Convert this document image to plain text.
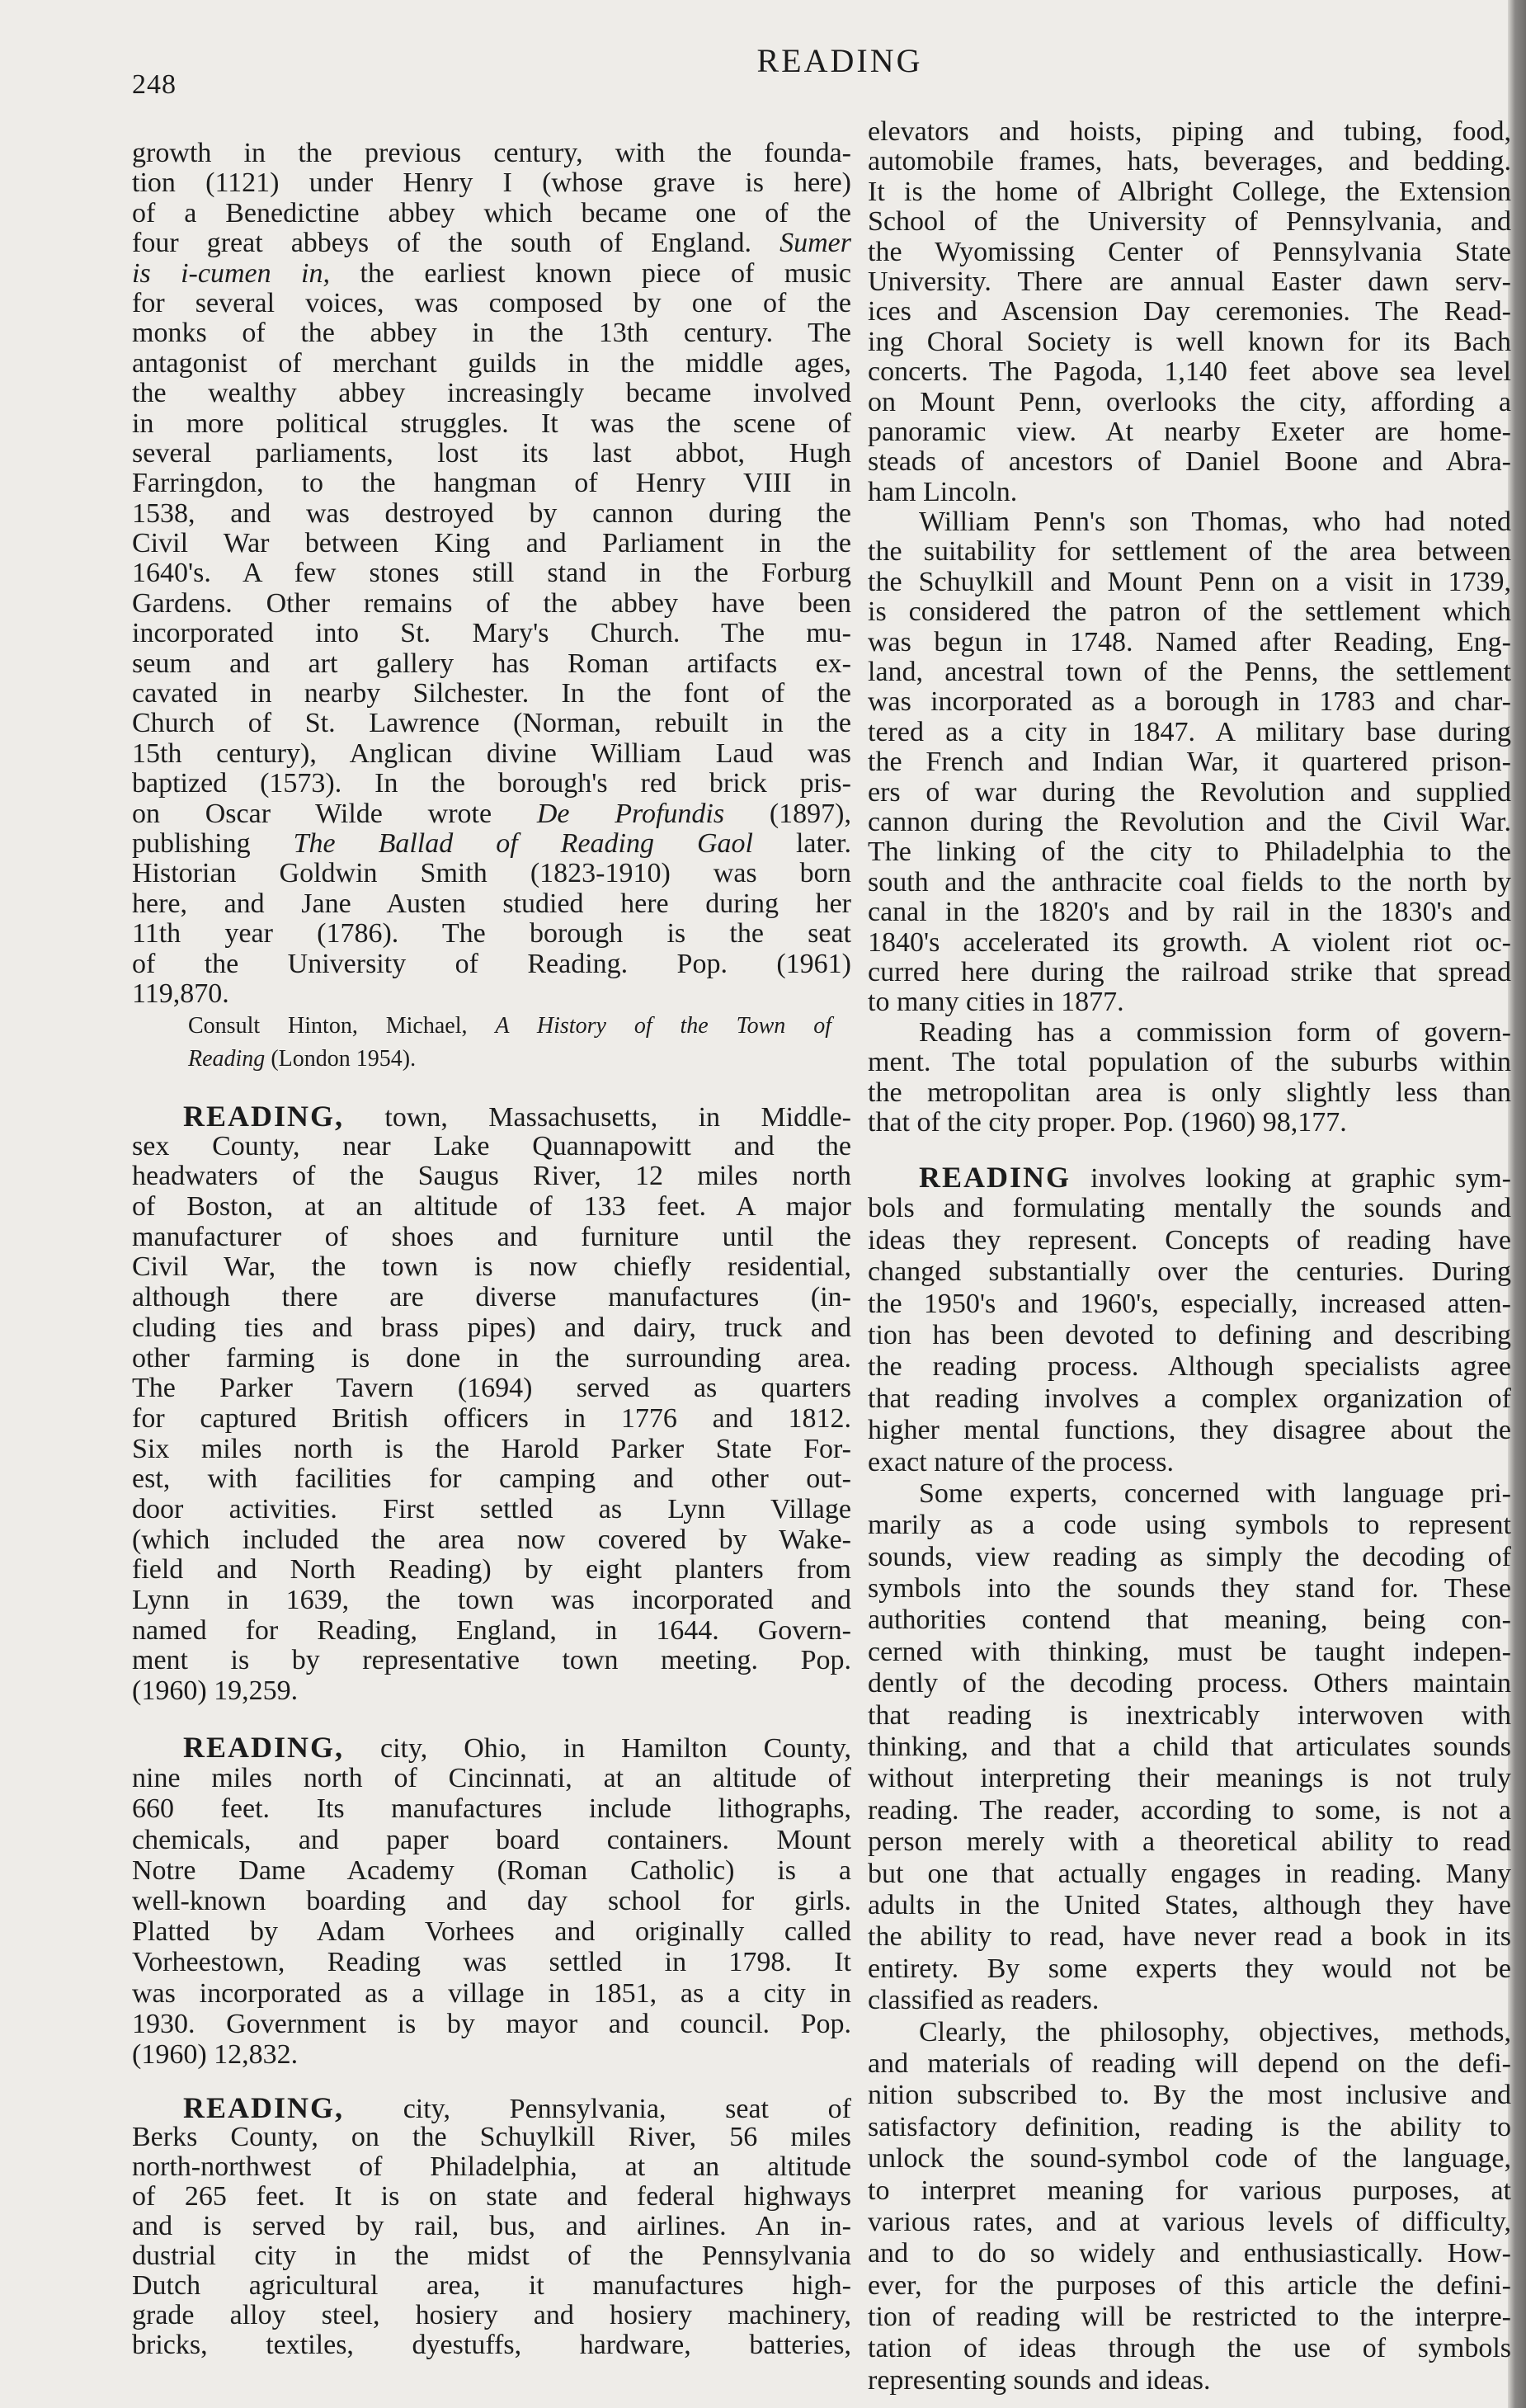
248
READING
growth in the previous century, with the founda-
tion (1121) under Henry I (whose grave is here)
of a Benedictine abbey which became one of the
four great abbeys of the south of England. Sumer
is i-cumen in, the earliest known piece of music
for several voices, was composed by one of the
monks of the abbey in the 13th century. The
antagonist of merchant guilds in the middle ages,
the wealthy abbey increasingly became involved
in more political struggles. It was the scene of
several parliaments, lost its last abbot, Hugh
Farringdon, to the hangman of Henry VIII in
1538, and was destroyed by cannon during the
Civil War between King and Parliament in the
1640's. A few stones still stand in the Forburg
Gardens. Other remains of the abbey have been
incorporated into St. Mary's Church. The mu-
seum and art gallery has Roman artifacts ex-
cavated in nearby Silchester. In the font of the
Church of St. Lawrence (Norman, rebuilt in the
15th century), Anglican divine William Laud was
baptized (1573). In the borough's red brick pris-
on Oscar Wilde wrote De Profundis (1897),
publishing The Ballad of Reading Gaol later.
Historian Goldwin Smith (1823-1910) was born
here, and Jane Austen studied here during her
11th year (1786). The borough is the seat
of the University of Reading. Pop. (1961)
119,870.
Consult Hinton, Michael, A History of the Town of
Reading (London 1954).
READING, town, Massachusetts, in Middle-
sex County, near Lake Quannapowitt and the
headwaters of the Saugus River, 12 miles north
of Boston, at an altitude of 133 feet. A major
manufacturer of shoes and furniture until the
Civil War, the town is now chiefly residential,
although there are diverse manufactures (in-
cluding ties and brass pipes) and dairy, truck and
other farming is done in the surrounding area.
The Parker Tavern (1694) served as quarters
for captured British officers in 1776 and 1812.
Six miles north is the Harold Parker State For-
est, with facilities for camping and other out-
door activities. First settled as Lynn Village
(which included the area now covered by Wake-
field and North Reading) by eight planters from
Lynn in 1639, the town was incorporated and
named for Reading, England, in 1644. Govern-
ment is by representative town meeting. Pop.
(1960) 19,259.
READING, city, Ohio, in Hamilton County,
nine miles north of Cincinnati, at an altitude of
660 feet. Its manufactures include lithographs,
chemicals, and paper board containers. Mount
Notre Dame Academy (Roman Catholic) is a
well-known boarding and day school for girls.
Platted by Adam Vorhees and originally called
Vorheestown, Reading was settled in 1798. It
was incorporated as a village in 1851, as a city in
1930. Government is by mayor and council. Pop.
(1960) 12,832.
READING, city, Pennsylvania, seat of
Berks County, on the Schuylkill River, 56 miles
north-northwest of Philadelphia, at an altitude
of 265 feet. It is on state and federal highways
and is served by rail, bus, and airlines. An in-
dustrial city in the midst of the Pennsylvania
Dutch agricultural area, it manufactures high-
grade alloy steel, hosiery and hosiery machinery,
bricks, textiles, dyestuffs, hardware, batteries,
elevators and hoists, piping and tubing, food,
automobile frames, hats, beverages, and bedding.
It is the home of Albright College, the Extension
School of the University of Pennsylvania, and
the Wyomissing Center of Pennsylvania State
University. There are annual Easter dawn serv-
ices and Ascension Day ceremonies. The Read-
ing Choral Society is well known for its Bach
concerts. The Pagoda, 1,140 feet above sea level
on Mount Penn, overlooks the city, affording a
panoramic view. At nearby Exeter are home-
steads of ancestors of Daniel Boone and Abra-
ham Lincoln.
William Penn's son Thomas, who had noted
the suitability for settlement of the area between
the Schuylkill and Mount Penn on a visit in 1739,
is considered the patron of the settlement which
was begun in 1748. Named after Reading, Eng-
land, ancestral town of the Penns, the settlement
was incorporated as a borough in 1783 and char-
tered as a city in 1847. A military base during
the French and Indian War, it quartered prison-
ers of war during the Revolution and supplied
cannon during the Revolution and the Civil War.
The linking of the city to Philadelphia to the
south and the anthracite coal fields to the north by
canal in the 1820's and by rail in the 1830's and
1840's accelerated its growth. A violent riot oc-
curred here during the railroad strike that spread
to many cities in 1877.
Reading has a commission form of govern-
ment. The total population of the suburbs within
the metropolitan area is only slightly less than
that of the city proper. Pop. (1960) 98,177.
READING involves looking at graphic sym-
bols and formulating mentally the sounds and
ideas they represent. Concepts of reading have
changed substantially over the centuries. During
the 1950's and 1960's, especially, increased atten-
tion has been devoted to defining and describing
the reading process. Although specialists agree
that reading involves a complex organization of
higher mental functions, they disagree about the
exact nature of the process.
Some experts, concerned with language pri-
marily as a code using symbols to represent
sounds, view reading as simply the decoding of
symbols into the sounds they stand for. These
authorities contend that meaning, being con-
cerned with thinking, must be taught indepen-
dently of the decoding process. Others maintain
that reading is inextricably interwoven with
thinking, and that a child that articulates sounds
without interpreting their meanings is not truly
reading. The reader, according to some, is not a
person merely with a theoretical ability to read
but one that actually engages in reading. Many
adults in the United States, although they have
the ability to read, have never read a book in its
entirety. By some experts they would not be
classified as readers.
Clearly, the philosophy, objectives, methods,
and materials of reading will depend on the defi-
nition subscribed to. By the most inclusive and
satisfactory definition, reading is the ability to
unlock the sound-symbol code of the language,
to interpret meaning for various purposes, at
various rates, and at various levels of difficulty,
and to do so widely and enthusiastically. How-
ever, for the purposes of this article the defini-
tion of reading will be restricted to the interpre-
tation of ideas through the use of symbols
representing sounds and ideas.
